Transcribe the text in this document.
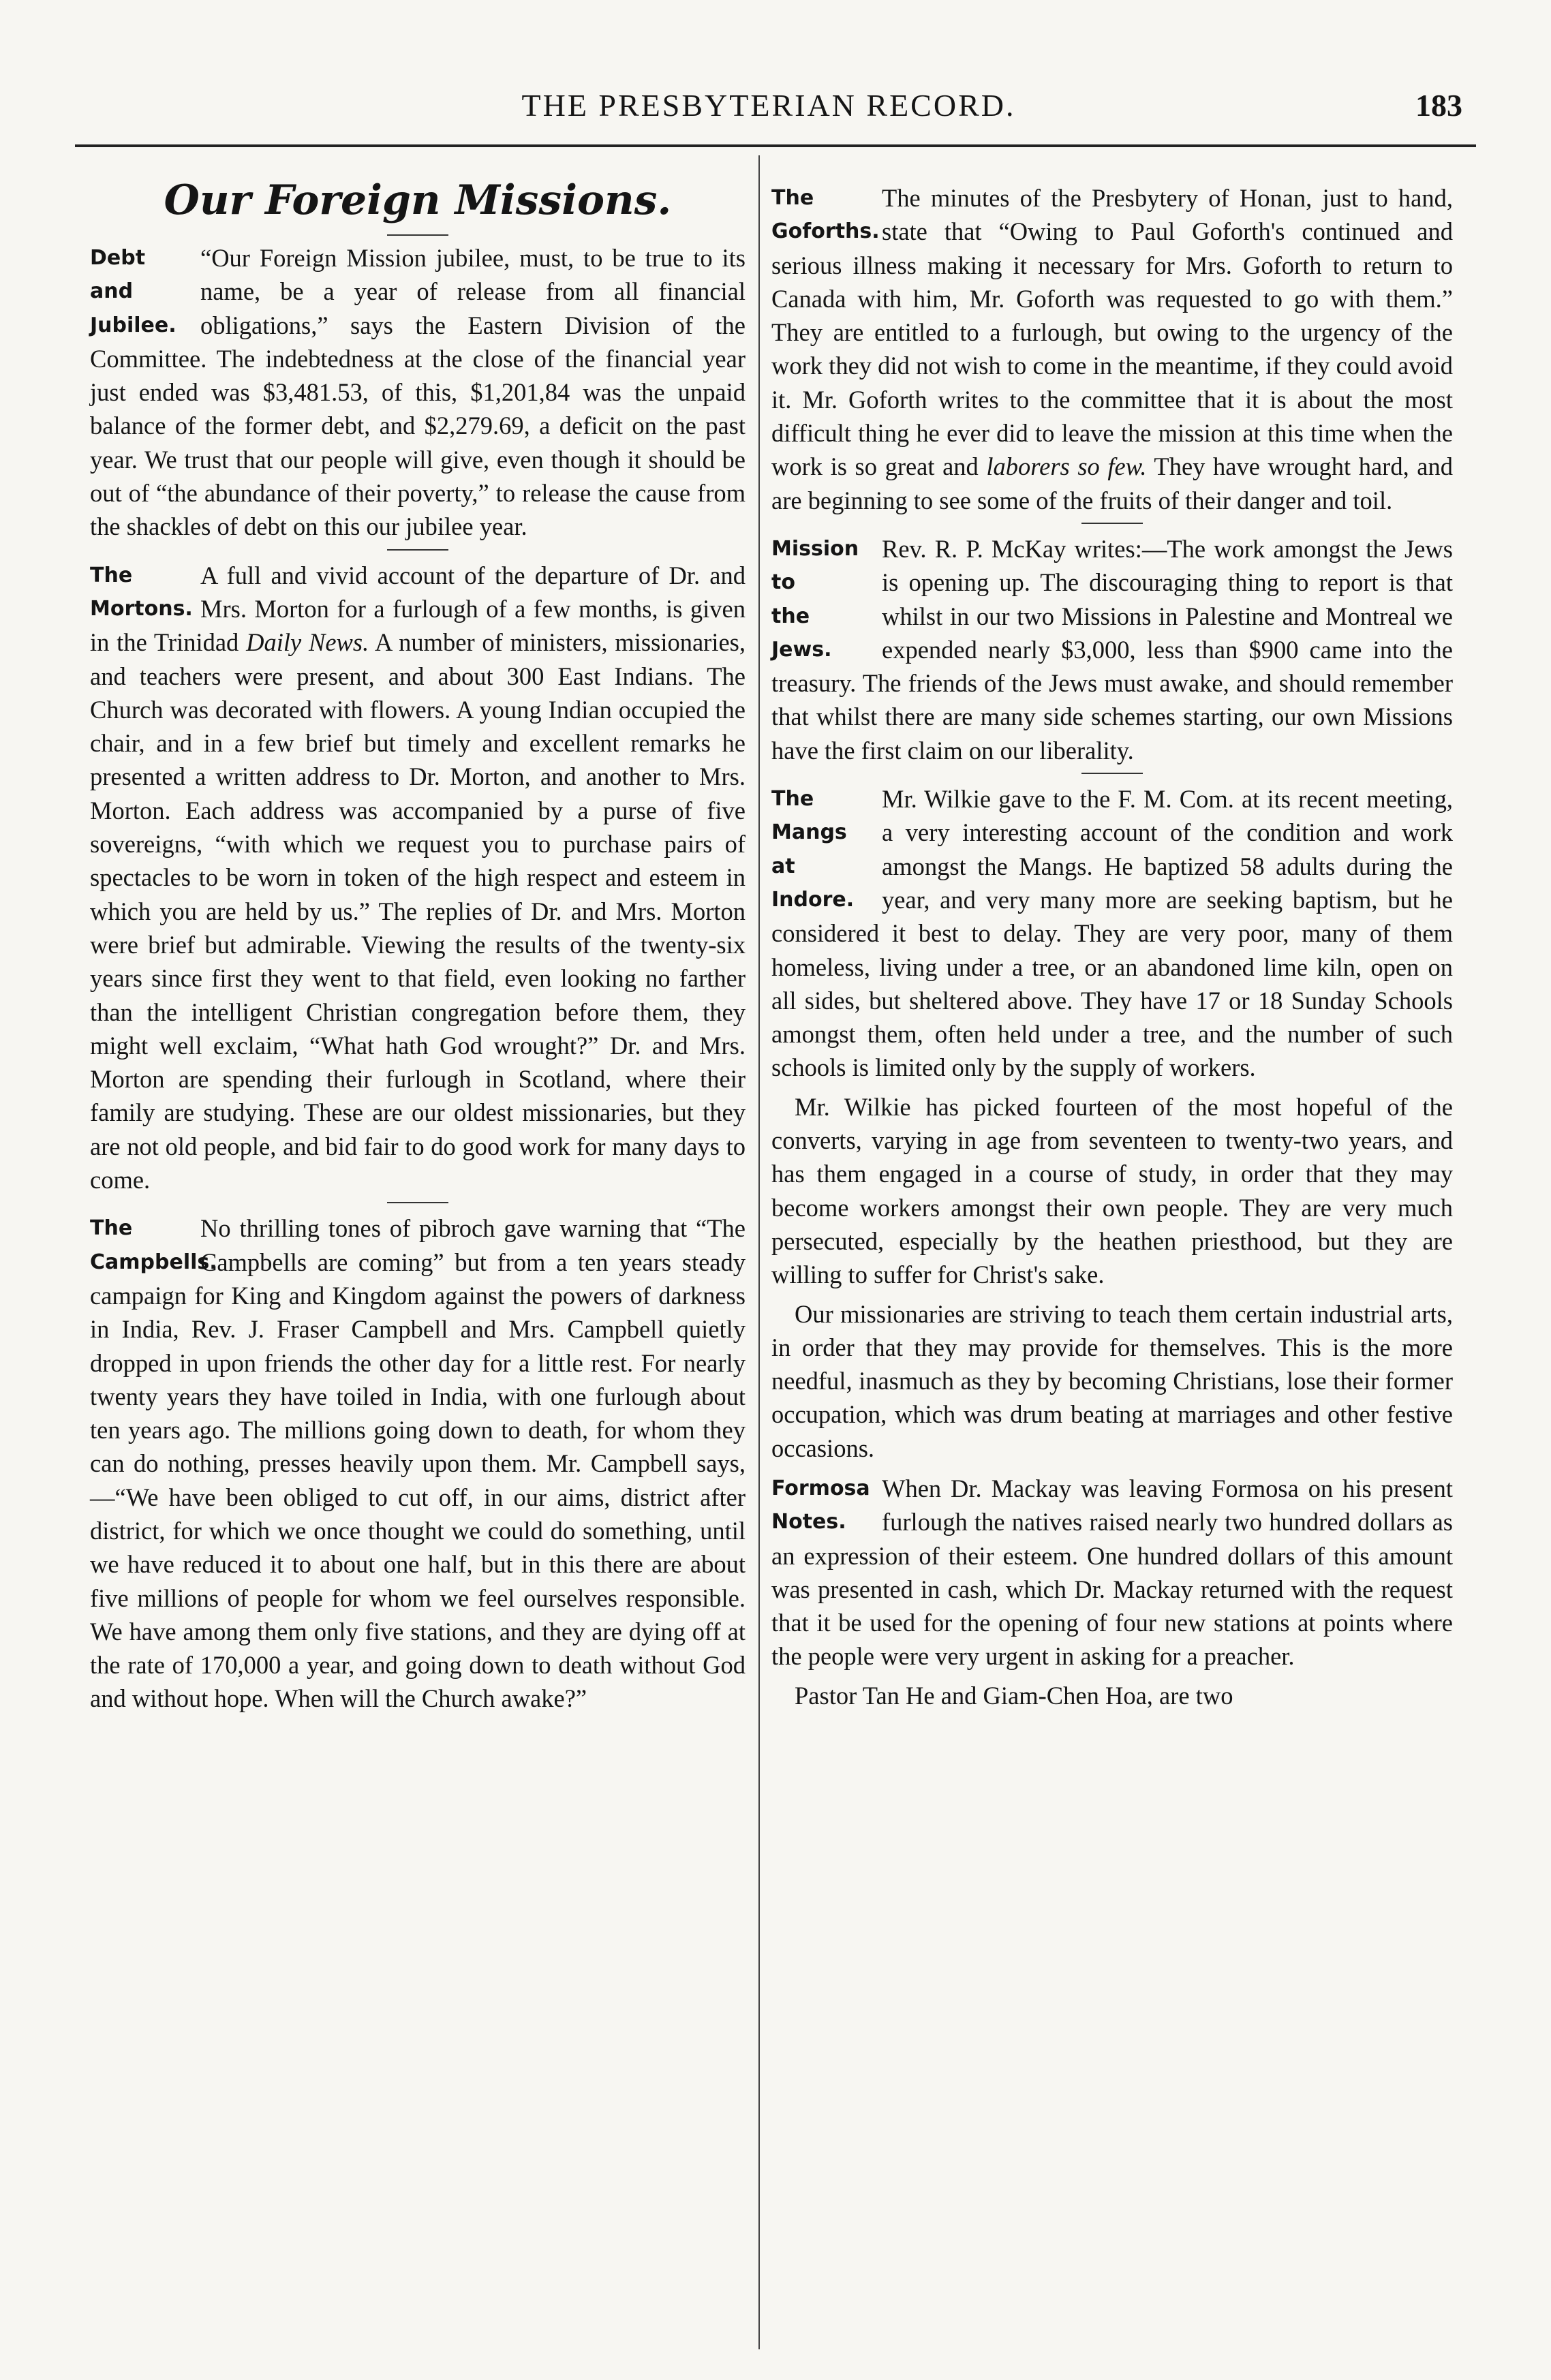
THE PRESBYTERIAN RECORD.	183
Our Foreign Missions.
Debt and
Jubilee.
“Our Foreign Mission jubilee, must, to be true to its name, be a year of release from all financial obligations,” says the Eastern Division of the Committee. The indebtedness at the close of the financial year just ended was $3,481.53, of this, $1,201,84 was the unpaid balance of the former debt, and $2,279.69, a deficit on the past year. We trust that our people will give, even though it should be out of “the abundance of their poverty,” to release the cause from the shackles of debt on this our jubilee year.
The
Mortons.
A full and vivid account of the departure of Dr. and Mrs. Morton for a furlough of a few months, is given in the Trinidad Daily News. A number of ministers, missionaries, and teachers were present, and about 300 East Indians. The Church was decorated with flowers. A young Indian occupied the chair, and in a few brief but timely and excellent remarks he presented a written address to Dr. Morton, and another to Mrs. Morton. Each address was accompanied by a purse of five sovereigns, “with which we request you to purchase pairs of spectacles to be worn in token of the high respect and esteem in which you are held by us.” The replies of Dr. and Mrs. Morton were brief but admirable. Viewing the results of the twenty-six years since first they went to that field, even looking no farther than the intelligent Christian congregation before them, they might well exclaim, “What hath God wrought?” Dr. and Mrs. Morton are spending their furlough in Scotland, where their family are studying. These are our oldest missionaries, but they are not old people, and bid fair to do good work for many days to come.
The
Campbells.
No thrilling tones of pibroch gave warning that “The Campbells are coming” but from a ten years steady campaign for King and Kingdom against the powers of darkness in India, Rev. J. Fraser Campbell and Mrs. Campbell quietly dropped in upon friends the other day for a little rest. For nearly twenty years they have toiled in India, with one furlough about ten years ago. The millions going down to death, for whom they can do nothing, presses heavily upon them. Mr. Campbell says, —“We have been obliged to cut off, in our aims, district after district, for which we once thought we could do something, until we have reduced it to about one half, but in this there are about five millions of people for whom we feel ourselves responsible. We have among them only five stations, and they are dying off at the rate of 170,000 a year, and going down to death without God and without hope. When will the Church awake?”
The Goforths.
The minutes of the Presbytery of Honan, just to hand, state that “Owing to Paul Goforth's continued and serious illness making it necessary for Mrs. Goforth to return to Canada with him, Mr. Goforth was requested to go with them.” They are entitled to a furlough, but owing to the urgency of the work they did not wish to come in the meantime, if they could avoid it. Mr. Goforth writes to the committee that it is about the most difficult thing he ever did to leave the mission at this time when the work is so great and laborers so few. They have wrought hard, and are beginning to see some of the fruits of their danger and toil.
Mission to
the Jews.
Rev. R. P. McKay writes:—The work amongst the Jews is opening up. The discouraging thing to report is that whilst in our two Missions in Palestine and Montreal we expended nearly $3,000, less than $900 came into the treasury. The friends of the Jews must awake, and should remember that whilst there are many side schemes starting, our own Missions have the first claim on our liberality.
The Mangs
at Indore.

Mr. Wilkie gave to the F. M. Com. at its recent meeting, a very interesting account of the condition and work amongst the Mangs. He baptized 58 adults during the year, and very many more are seeking baptism, but he considered it best to delay. They are very poor, many of them homeless, living under a tree, or an abandoned lime kiln, open on all sides, but sheltered above. They have 17 or 18 Sunday Schools amongst them, often held under a tree, and the number of such schools is limited only by the supply of workers.

Mr. Wilkie has picked fourteen of the most hopeful of the converts, varying in age from seventeen to twenty-two years, and has them engaged in a course of study, in order that they may become workers amongst their own people. They are very much persecuted, especially by the heathen priesthood, but they are willing to suffer for Christ's sake.

Our missionaries are striving to teach them certain industrial arts, in order that they may provide for themselves. This is the more needful, inasmuch as they by becoming Christians, lose their former occupation, which was drum beating at marriages and other festive occasions.

Formosa
Notes.

When Dr. Mackay was leaving Formosa on his present furlough the natives raised nearly two hundred dollars as an expression of their esteem. One hundred dollars of this amount was presented in cash, which Dr. Mackay returned with the request that it be used for the opening of four new stations at points where the people were very urgent in asking for a preacher.

Pastor Tan He and Giam-Chen Hoa, are two
